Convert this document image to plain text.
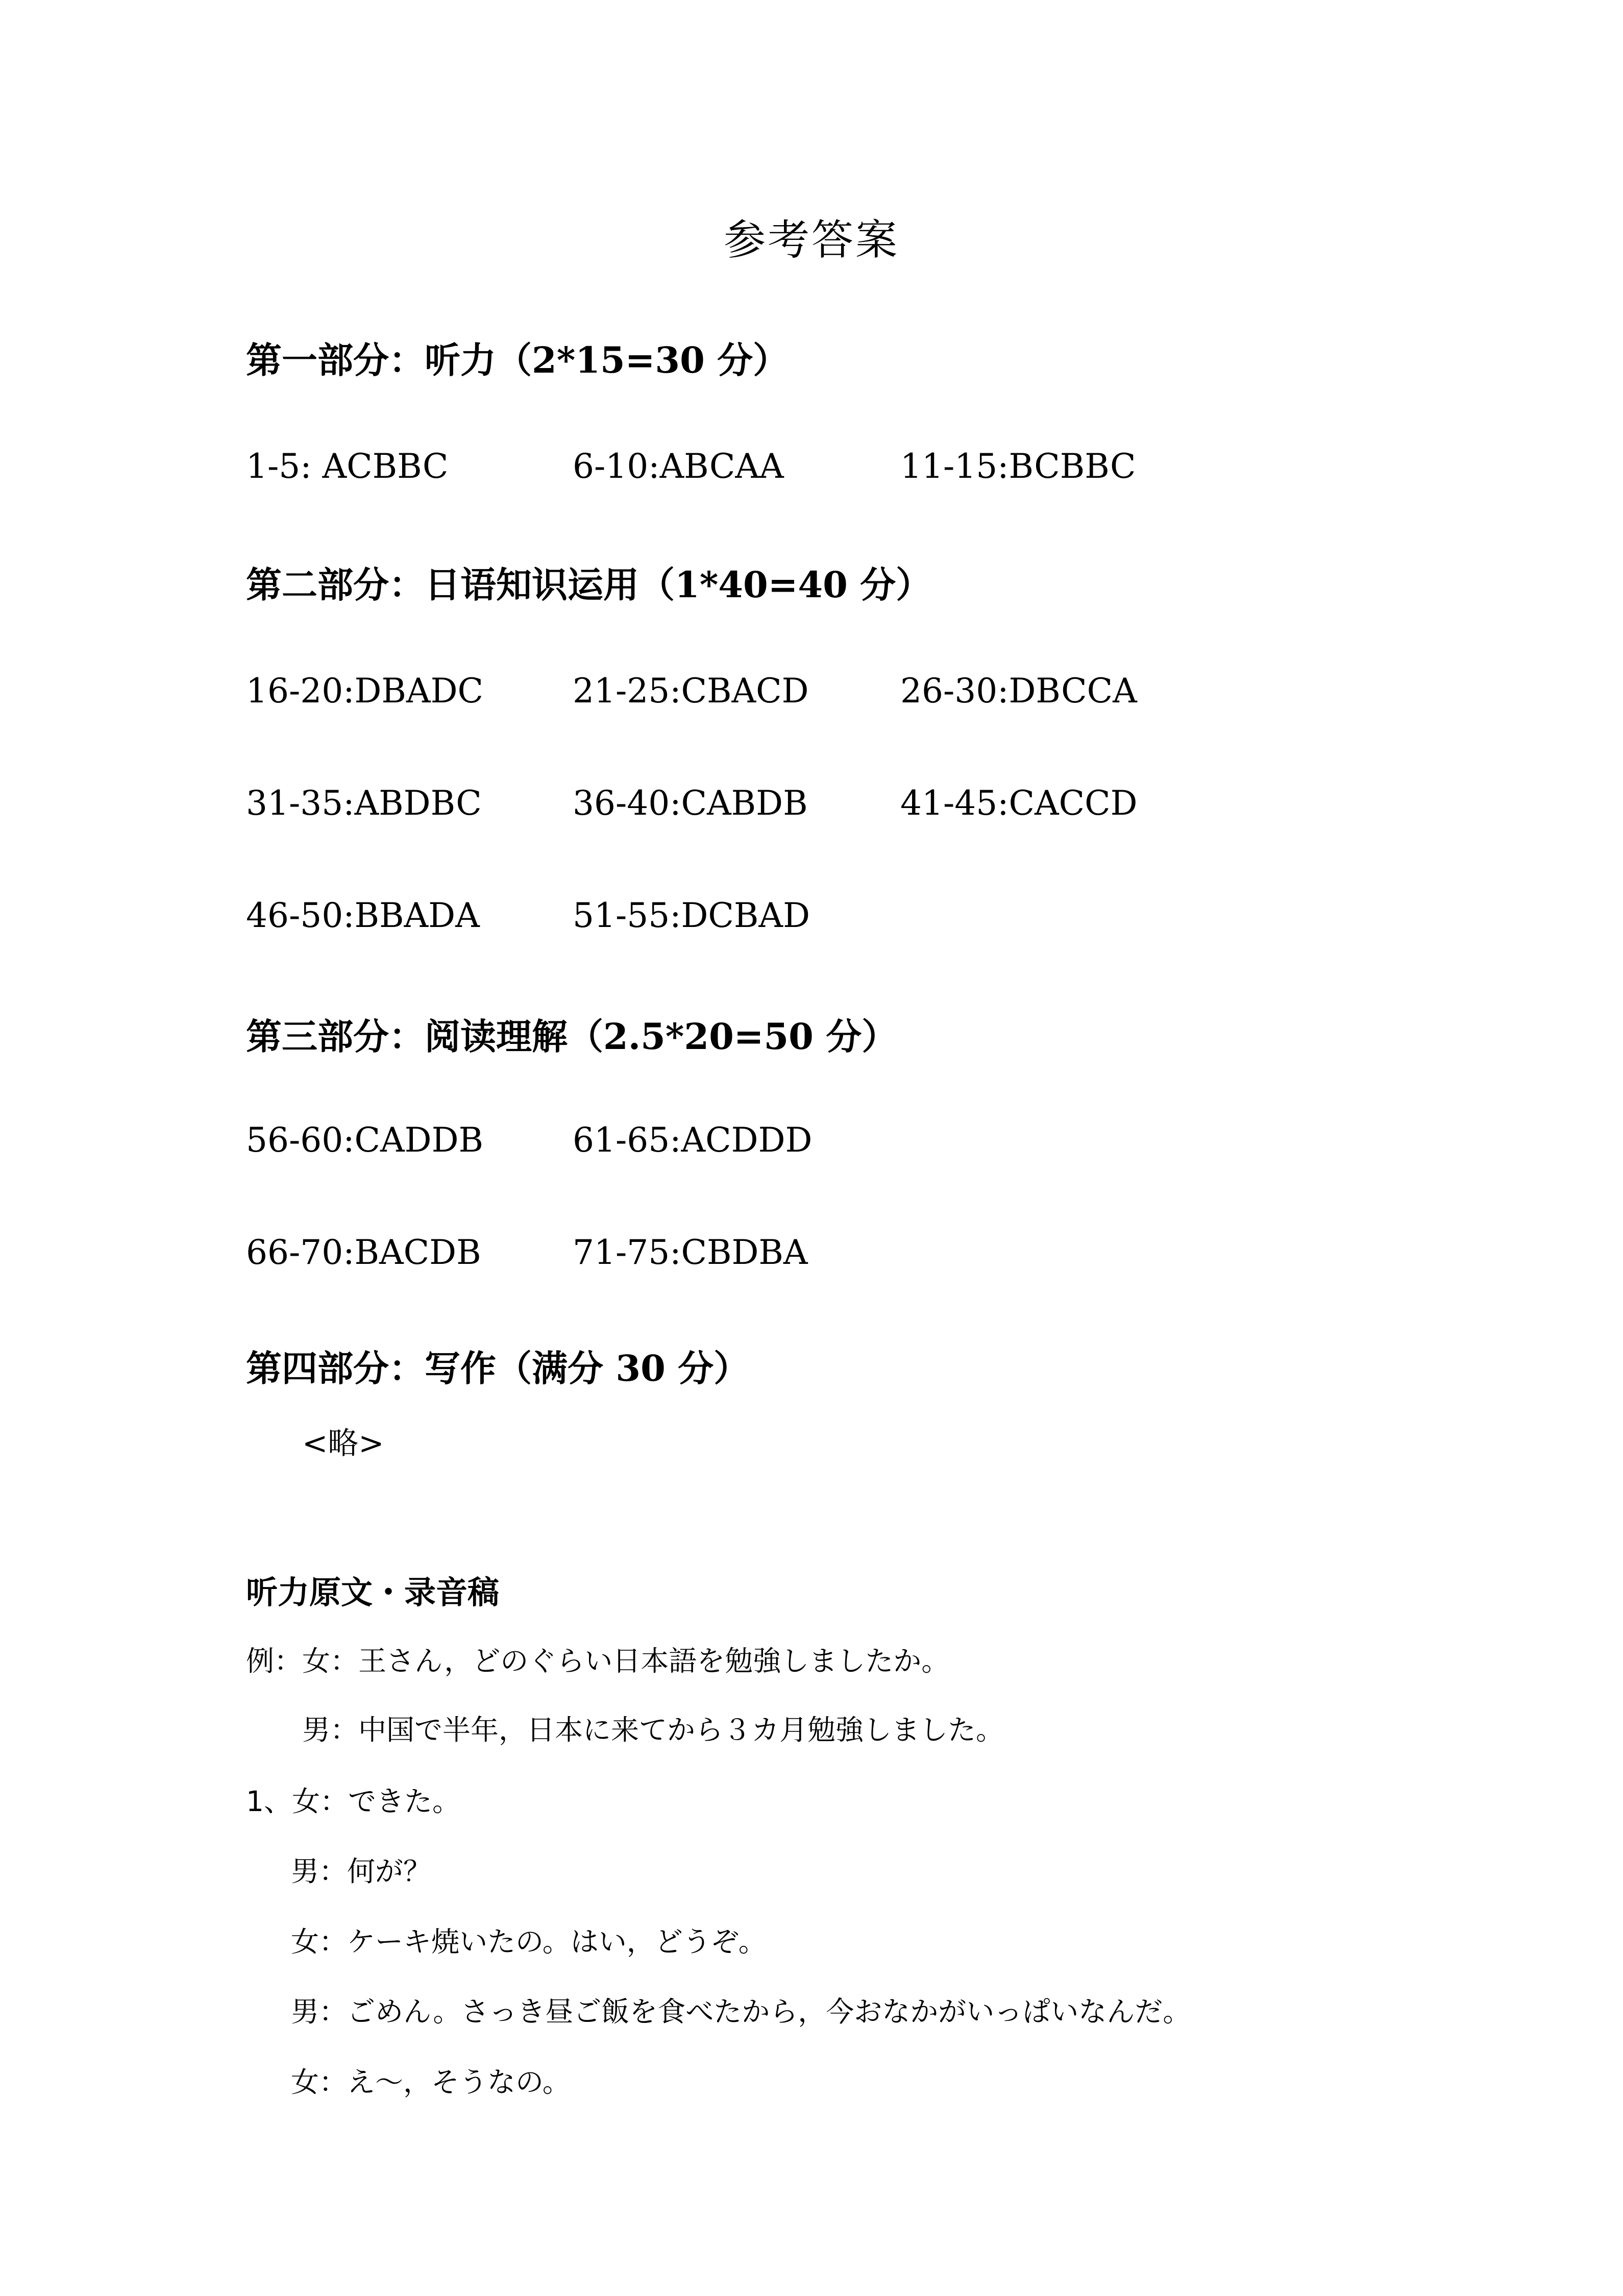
参考答案
第一部分：听力（2*15=30 分）
1-5: ACBBC	6-10:ABCAA	11-15:BCBBC
第二部分：日语知识运用（1*40=40 分）
16-20:DBADC	21-25:CBACD	26-30:DBCCA
31-35:ABDBC	36-40:CABDB	41-45:CACCD
46-50:BBADA	51-55:DCBAD
第三部分：阅读理解（2.5*20=50 分）
56-60:CADDB	61-65:ACDDD
66-70:BACDB	71-75:CBDBA
第四部分：写作（满分 30 分）
<略>
听力原文・录音稿
例：女：王さん，どのぐらい日本語を勉強しましたか。
男：中国で半年，日本に来てから３カ月勉強しました。
1、女：できた。
男：何が？
女：ケーキ焼いたの。はい，どうぞ。
男：ごめん。さっき昼ご飯を食べたから，今おなかがいっぱいなんだ。
女：え～，そうなの。
